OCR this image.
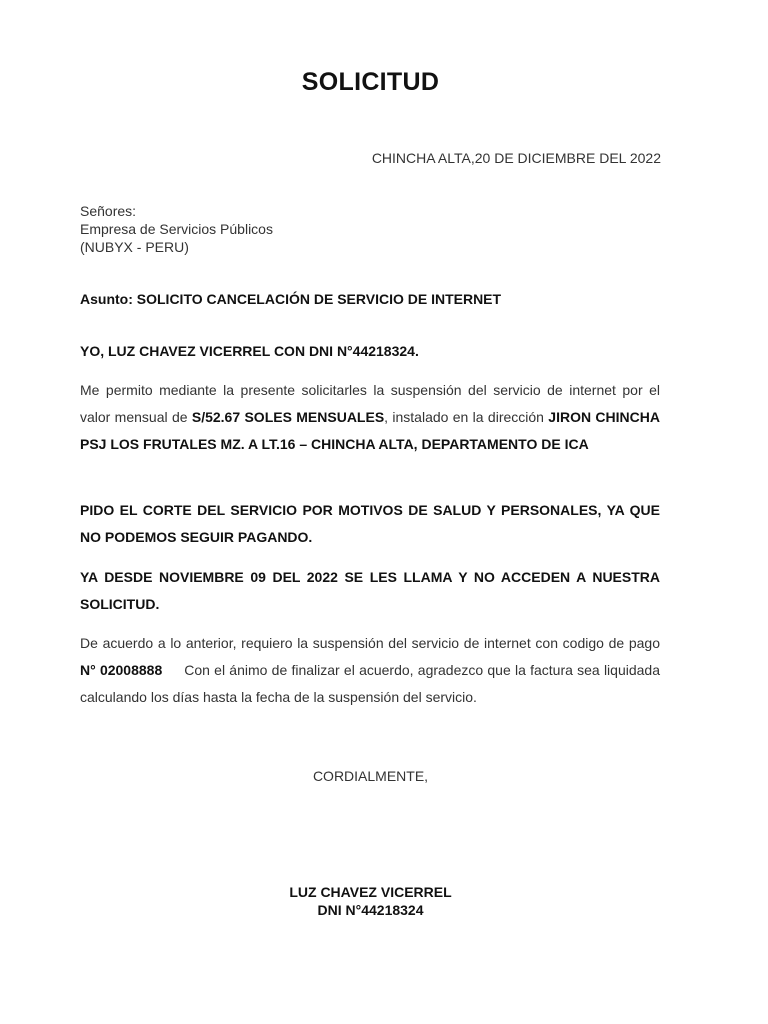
SOLICITUD
CHINCHA ALTA,20 DE DICIEMBRE DEL 2022
Señores:
Empresa de Servicios Públicos
(NUBYX - PERU)
Asunto: SOLICITO CANCELACIÓN DE SERVICIO DE INTERNET
YO, LUZ CHAVEZ VICERREL CON DNI N°44218324.
Me permito mediante la presente solicitarles la suspensión del servicio de internet por el valor mensual de S/52.67 SOLES MENSUALES, instalado en la dirección JIRON CHINCHA PSJ LOS FRUTALES MZ. A LT.16 – CHINCHA ALTA, DEPARTAMENTO DE ICA
PIDO EL CORTE DEL SERVICIO POR MOTIVOS DE SALUD Y PERSONALES, YA QUE NO PODEMOS SEGUIR PAGANDO.
YA DESDE NOVIEMBRE 09 DEL 2022 SE LES LLAMA Y NO ACCEDEN A NUESTRA SOLICITUD.
De acuerdo a lo anterior, requiero la suspensión del servicio de internet con codigo de pago N° 02008888 Con el ánimo de finalizar el acuerdo, agradezco que la factura sea liquidada calculando los días hasta la fecha de la suspensión del servicio.
CORDIALMENTE,
LUZ CHAVEZ VICERREL
DNI N°44218324
